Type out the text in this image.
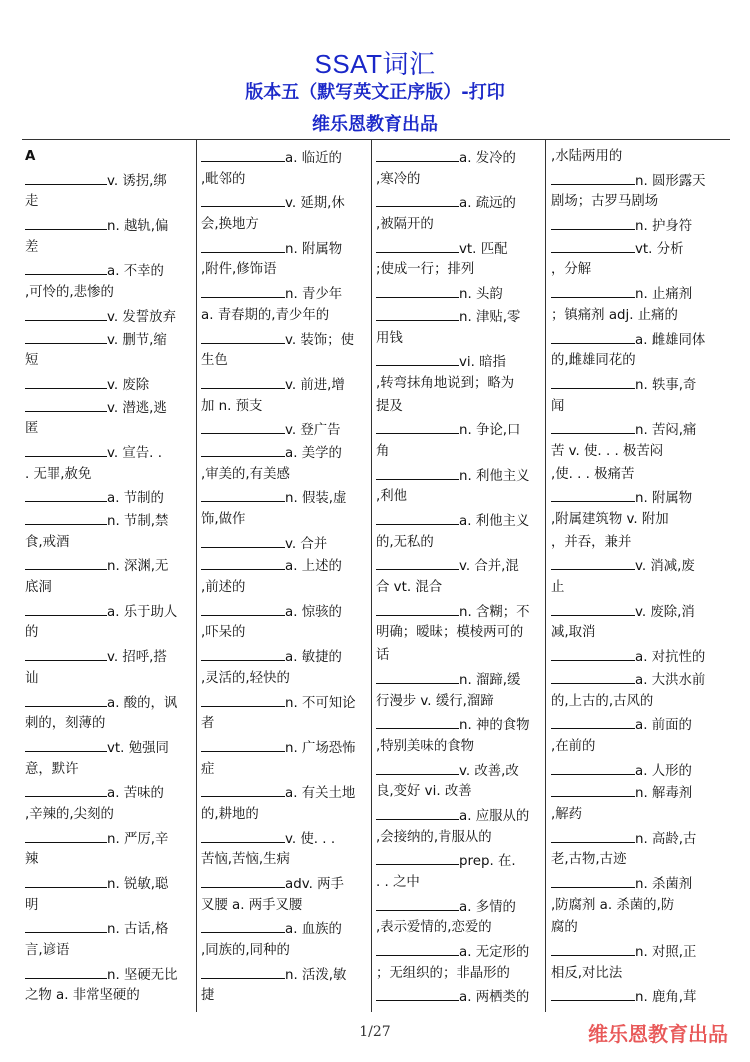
SSAT词汇
版本五（默写英文正序版）-打印
维乐恩教育出品
A
v. 诱拐,绑
走
n. 越轨,偏
差
a. 不幸的
,可怜的,悲惨的
v. 发誓放弃
v. 删节,缩
短
v. 废除
v. 潜逃,逃
匿
v. 宣告. .
. 无罪,赦免
a. 节制的
n. 节制,禁
食,戒酒
n. 深渊,无
底洞
a. 乐于助人
的
v. 招呼,搭
讪
a. 酸的，讽
刺的，刻薄的
vt. 勉强同
意，默许
a. 苦味的
,辛辣的,尖刻的
n. 严厉,辛
辣
n. 锐敏,聪
明
n. 古话,格
言,谚语
n. 坚硬无比
之物 a. 非常坚硬的
a. 临近的
,毗邻的
v. 延期,休
会,换地方
n. 附属物
,附件,修饰语
n. 青少年
a. 青春期的,青少年的
v. 装饰；使
生色
v. 前进,增
加 n. 预支
v. 登广告
a. 美学的
,审美的,有美感
n. 假装,虚
饰,做作
v. 合并
a. 上述的
,前述的
a. 惊骇的
,吓呆的
a. 敏捷的
,灵活的,轻快的
n. 不可知论
者
n. 广场恐怖
症
a. 有关土地
的,耕地的
v. 使. . .
苦恼,苦恼,生病
adv. 两手
叉腰 a. 两手叉腰
a. 血族的
,同族的,同种的
n. 活泼,敏
捷
a. 发冷的
,寒冷的
a. 疏远的
,被隔开的
vt. 匹配
;使成一行；排列
n. 头韵
n. 津贴,零
用钱
vi. 暗指
,转弯抹角地说到；略为
提及
n. 争论,口
角
n. 利他主义
,利他
a. 利他主义
的,无私的
v. 合并,混
合 vt. 混合
n. 含糊；不
明确；暧昧；模棱两可的
话
n. 溜蹄,缓
行漫步 v. 缓行,溜蹄
n. 神的食物
,特别美味的食物
v. 改善,改
良,变好 vi. 改善
a. 应服从的
,会接纳的,肯服从的
prep. 在.
. . 之中
a. 多情的
,表示爱情的,恋爱的
a. 无定形的
；无组织的；非晶形的
a. 两栖类的
,水陆两用的
n. 圆形露天
剧场；古罗马剧场
n. 护身符
vt. 分析
，分解
n. 止痛剂
；镇痛剂 adj. 止痛的
a. 雌雄同体
的,雌雄同花的
n. 轶事,奇
闻
n. 苦闷,痛
苦 v. 使. . . 极苦闷
,使. . . 极痛苦
n. 附属物
,附属建筑物 v. 附加
，并吞，兼并
v. 消减,废
止
v. 废除,消
减,取消
a. 对抗性的
a. 大洪水前
的,上古的,古风的
a. 前面的
,在前的
a. 人形的
n. 解毒剂
,解药
n. 高龄,古
老,古物,古迹
n. 杀菌剂
,防腐剂 a. 杀菌的,防
腐的
n. 对照,正
相反,对比法
n. 鹿角,茸
1/27	维乐恩教育出品
